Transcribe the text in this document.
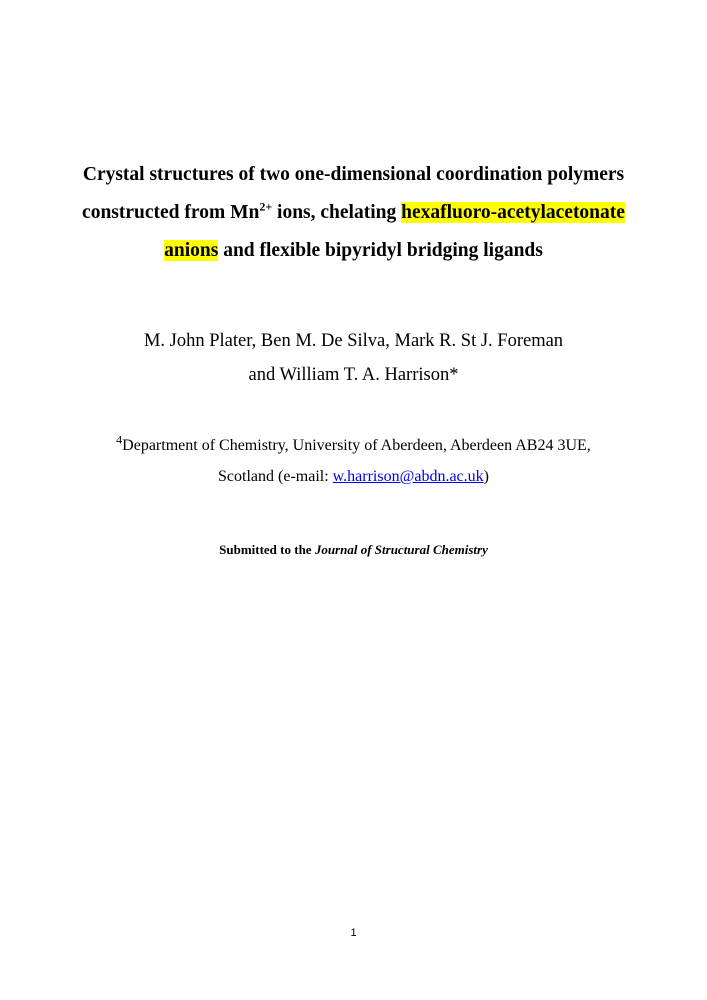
Crystal structures of two one-dimensional coordination polymers
constructed from $Mn^{2+}$ ions, chelating hexafluoro-acetylacetonate
anions and flexible bipyridyl bridging ligands
M. John Plater, Ben M. De Silva, Mark R. St J. Foreman
and William T. A. Harrison*
$^4$Department of Chemistry, University of Aberdeen, Aberdeen AB24 3UE,
Scotland (e-mail: w.harrison@abdn.ac.uk)
Submitted to the Journal of Structural Chemistry
1
